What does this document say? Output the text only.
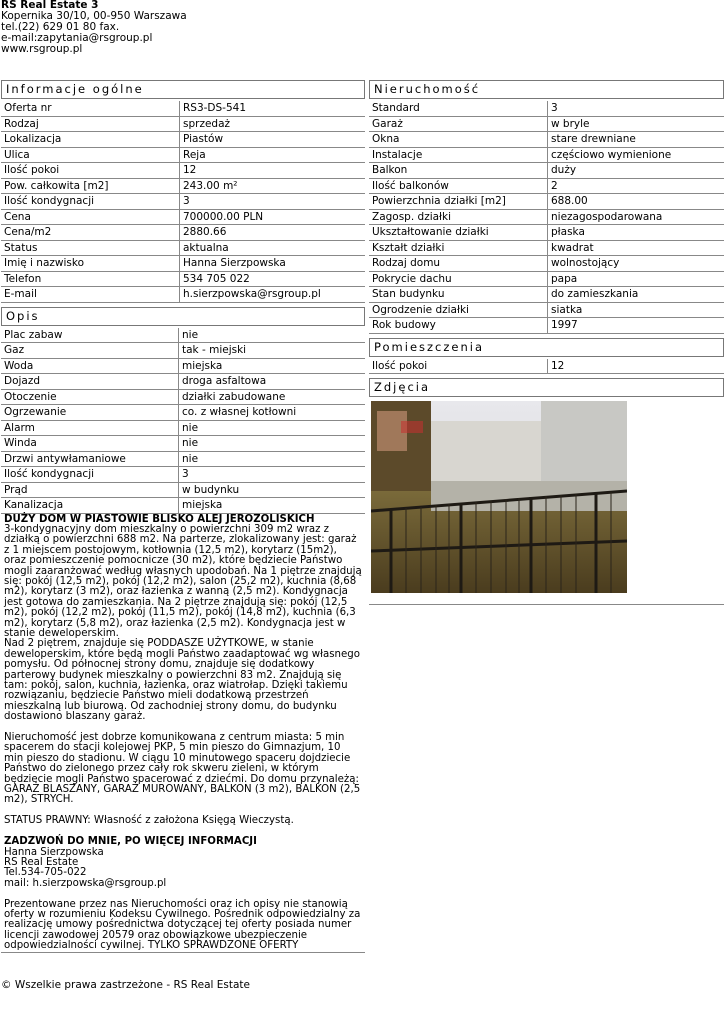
RS Real Estate 3
Kopernika 30/10, 00-950 Warszawa
tel.(22) 629 01 80 fax.
e-mail:zapytania@rsgroup.pl
www.rsgroup.pl
Informacje ogólne
Oferta nr	RS3-DS-541
Rodzaj	sprzedaż
Lokalizacja	Piastów
Ulica	Reja
Ilość pokoi	12
Pow. całkowita [m2]	243.00 m²
Ilość kondygnacji	3
Cena	700000.00 PLN
Cena/m2	2880.66
Status	aktualna
Imię i nazwisko	Hanna Sierzpowska
Telefon	534 705 022
E-mail	h.sierzpowska@rsgroup.pl
Opis
Plac zabaw	nie
Gaz	tak - miejski
Woda	miejska
Dojazd	droga asfaltowa
Otoczenie	działki zabudowane
Ogrzewanie	co. z własnej kotłowni
Alarm	nie
Winda	nie
Drzwi antywłamaniowe	nie
Ilość kondygnacji	3
Prąd	w budynku
Kanalizacja	miejska

DUŻY DOM W PIASTOWIE BLISKO ALEJ JEROZOLISKICH

3-kondygnacyjny dom mieszkalny o powierzchni 309 m2 wraz z działką o powierzchni 688 m2. Na parterze, zlokalizowany jest: garaż z 1 miejscem postojowym, kotłownia (12,5 m2), korytarz (15m2), oraz pomieszczenie pomocnicze (30 m2), które będziecie Państwo mogli zaaranżować według własnych upodobań. Na 1 piętrze znajdują się: pokój (12,5 m2), pokój (12,2 m2), salon (25,2 m2), kuchnia (8,68 m2), korytarz (3 m2), oraz łazienka z wanną (2,5 m2). Kondygnacja jest gotowa do zamieszkania. Na 2 piętrze znajdują się: pokój (12,5 m2), pokój (12,2 m2), pokój (11,5 m2), pokój (14,8 m2), kuchnia (6,3 m2), korytarz (5,8 m2), oraz łazienka (2,5 m2). Kondygnacja jest w stanie deweloperskim.
Nad 2 piętrem, znajduje się PODDASZE UŻYTKOWE, w stanie deweloperskim, które będą mogli Państwo zaadaptować wg własnego pomysłu. Od północnej strony domu, znajduje się dodatkowy parterowy budynek mieszkalny o powierzchni 83 m2. Znajdują się tam: pokój, salon, kuchnia, łazienka, oraz wiatrołap. Dzięki takiemu rozwiązaniu, będziecie Państwo mieli dodatkową przestrzeń mieszkalną lub biurową. Od zachodniej strony domu, do budynku dostawiono blaszany garaż.

Nieruchomość jest dobrze komunikowana z centrum miasta: 5 min spacerem do stacji kolejowej PKP, 5 min pieszo do Gimnazjum, 10 min pieszo do stadionu. W ciągu 10 minutowego spaceru dojdziecie Państwo do zielonego przez cały rok skweru zieleni, w którym będziecie mogli Państwo spacerować z dziećmi. Do domu przynależą: GARAŻ BLASZANY, GARAŻ MUROWANY, BALKON (3 m2), BALKON (2,5 m2), STRYCH.

STATUS PRAWNY: Własność z założona Księgą Wieczystą.

ZADZWOŃ DO MNIE, PO WIĘCEJ INFORMACJI

Hanna Sierzpowska
RS Real Estate
Tel.534-705-022
mail: h.sierzpowska@rsgroup.pl

Prezentowane przez nas Nieruchomości oraz ich opisy nie stanowią oferty w rozumieniu Kodeksu Cywilnego. Pośrednik odpowiedzialny za realizację umowy pośrednictwa dotyczącej tej oferty posiada numer licencji zawodowej 20579 oraz obowiązkowe ubezpieczenie odpowiedzialności cywilnej. TYLKO SPRAWDZONE OFERTY

Nieruchomość
Standard	3
Garaż	w bryle
Okna	stare drewniane
Instalacje	częściowo wymienione
Balkon	duży
Ilość balkonów	2
Powierzchnia działki [m2]	688.00
Zagosp. działki	niezagospodarowana
Ukształtowanie działki	płaska
Kształt działki	kwadrat
Rodzaj domu	wolnostojący
Pokrycie dachu	papa
Stan budynku	do zamieszkania
Ogrodzenie działki	siatka
Rok budowy	1997
Pomieszczenia
Ilość pokoi	12
Zdjęcia
© Wszelkie prawa zastrzeżone - RS Real Estate
